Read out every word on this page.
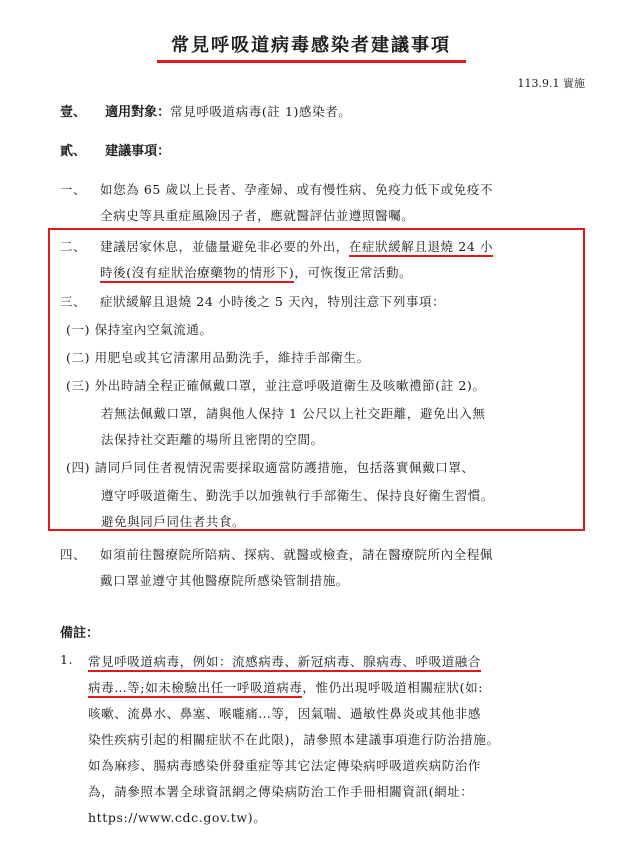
常見呼吸道病毒感染者建議事項
113.9.1 實施
壹、 適用對象：常見呼吸道病毒(註 1)感染者。
貳、 建議事項：
一、 如您為 65 歲以上長者、孕產婦、或有慢性病、免疫力低下或免疫不
全病史等具重症風險因子者，應就醫評估並遵照醫囑。
二、 建議居家休息，並儘量避免非必要的外出，在症狀緩解且退燒 24 小
時後(沒有症狀治療藥物的情形下)，可恢復正常活動。
三、 症狀緩解且退燒 24 小時後之 5 天內，特別注意下列事項：
(一) 保持室內空氣流通。
(二) 用肥皂或其它清潔用品勤洗手，維持手部衛生。
(三) 外出時請全程正確佩戴口罩，並注意呼吸道衛生及咳嗽禮節(註 2)。
若無法佩戴口罩，請與他人保持 1 公尺以上社交距離，避免出入無
法保持社交距離的場所且密閉的空間。
(四) 請同戶同住者視情況需要採取適當防護措施，包括落實佩戴口罩、
遵守呼吸道衛生、勤洗手以加強執行手部衛生、保持良好衛生習慣。
避免與同戶同住者共食。
四、 如須前往醫療院所陪病、探病、就醫或檢查，請在醫療院所內全程佩
戴口罩並遵守其他醫療院所感染管制措施。
備註：
1. 常見呼吸道病毒，例如：流感病毒、新冠病毒、腺病毒、呼吸道融合
病毒…等;如未檢驗出任一呼吸道病毒，惟仍出現呼吸道相關症狀(如:
咳嗽、流鼻水、鼻塞、喉嚨痛…等，因氣喘、過敏性鼻炎或其他非感
染性疾病引起的相關症狀不在此限)，請參照本建議事項進行防治措施。
如為麻疹、腸病毒感染併發重症等其它法定傳染病呼吸道疾病防治作
為，請參照本署全球資訊網之傳染病防治工作手冊相關資訊(網址：
https://www.cdc.gov.tw)。
